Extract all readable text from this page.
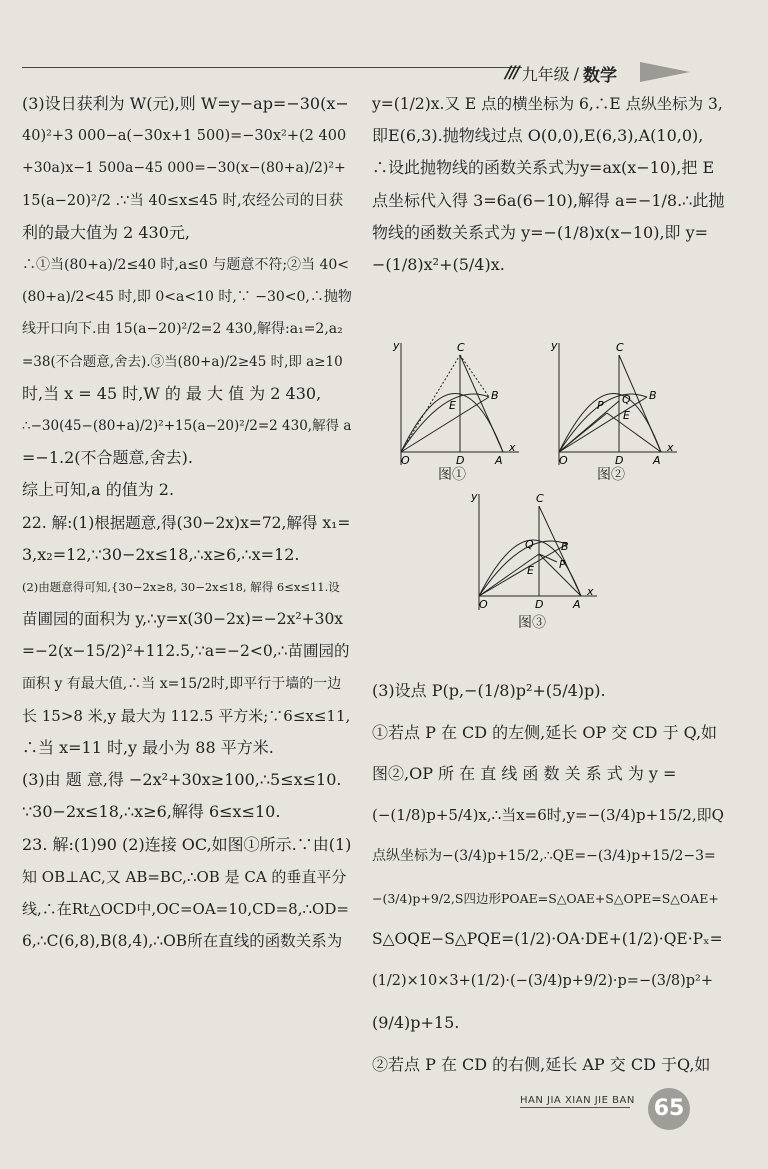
/// 九年级 / 数学
(3)设日获利为 W(元),则 W=y−ap=−30(x−
40)²+3 000−a(−30x+1 500)=−30x²+(2 400
+30a)x−1 500a−45 000=−30(x−(80+a)/2)²+
15(a−20)²/2 .∵当 40≤x≤45 时,农经公司的日获
利的最大值为 2 430元,
∴①当(80+a)/2≤40 时,a≤0 与题意不符;②当 40<
(80+a)/2<45 时,即 0<a<10 时,∵ −30<0,∴抛物
线开口向下.由 15(a−20)²/2=2 430,解得:a₁=2,a₂
=38(不合题意,舍去).③当(80+a)/2≥45 时,即 a≥10
时,当 x = 45 时,W 的 最 大 值 为 2 430,
∴−30(45−(80+a)/2)²+15(a−20)²/2=2 430,解得 a
=−1.2(不合题意,舍去).
综上可知,a 的值为 2.
22. 解:(1)根据题意,得(30−2x)x=72,解得 x₁=
3,x₂=12,∵30−2x≤18,∴x≥6,∴x=12.
(2)由题意得可知,{30−2x≥8, 30−2x≤18, 解得 6≤x≤11.设
苗圃园的面积为 y,∴y=x(30−2x)=−2x²+30x
=−2(x−15/2)²+112.5,∵a=−2<0,∴苗圃园的
面积 y 有最大值,∴当 x=15/2时,即平行于墙的一边
长 15>8 米,y 最大为 112.5 平方米;∵6≤x≤11,
∴当 x=11 时,y 最小为 88 平方米.
(3)由 题 意,得 −2x²+30x≥100,∴5≤x≤10.
∵30−2x≤18,∴x≥6,解得 6≤x≤10.
23. 解:(1)90 (2)连接 OC,如图①所示.∵由(1)
知 OB⊥AC,又 AB=BC,∴OB 是 CA 的垂直平分
线,∴在Rt△OCD中,OC=OA=10,CD=8,∴OD=
6,∴C(6,8),B(8,4),∴OB所在直线的函数关系为
y=(1/2)x.又 E 点的横坐标为 6,∴E 点纵坐标为 3,
即E(6,3).抛物线过点 O(0,0),E(6,3),A(10,0),
∴设此抛物线的函数关系式为y=ax(x−10),把 E
点坐标代入得 3=6a(6−10),解得 a=−1/8.∴此抛
物线的函数关系式为 y=−(1/8)x(x−10),即 y=
−(1/8)x²+(5/4)x.
y	C
E
B
O	D	A
x
图①
y	C
P Q
E
B
O	D	A
x
图②
y	C
Q B
E P
O	D	A
x
图③
(3)设点 P(p,−(1/8)p²+(5/4)p).
①若点 P 在 CD 的左侧,延长 OP 交 CD 于 Q,如
图②,OP 所 在 直 线 函 数 关 系 式 为 y =
(−(1/8)p+5/4)x,∴当x=6时,y=−(3/4)p+15/2,即Q
点纵坐标为−(3/4)p+15/2,∴QE=−(3/4)p+15/2−3=
−(3/4)p+9/2,S四边形POAE=S△OAE+S△OPE=S△OAE+
S△OQE−S△PQE=(1/2)·OA·DE+(1/2)·QE·Pₓ=
(1/2)×10×3+(1/2)·(−(3/4)p+9/2)·p=−(3/8)p²+
(9/4)p+15.
②若点 P 在 CD 的右侧,延长 AP 交 CD 于Q,如
HAN JIA XIAN JIE BAN 65
